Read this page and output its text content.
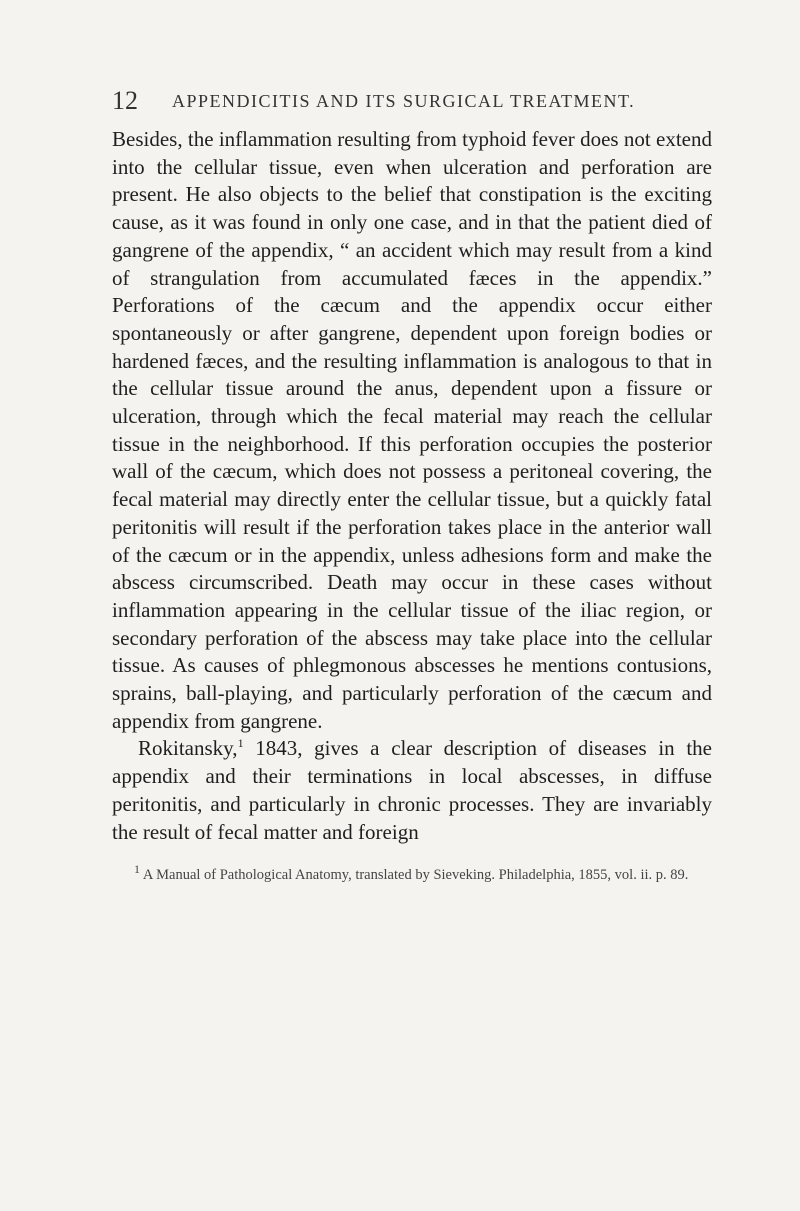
12 APPENDICITIS AND ITS SURGICAL TREATMENT.

Besides, the inflammation resulting from typhoid fever does not extend into the cellular tissue, even when ulceration and perforation are present. He also objects to the belief that constipation is the exciting cause, as it was found in only one case, and in that the patient died of gangrene of the appendix, “ an accident which may result from a kind of strangulation from accumulated fæces in the appendix.” Perforations of the cæcum and the appendix occur either spontaneously or after gangrene, dependent upon foreign bodies or hardened fæces, and the resulting inflammation is analogous to that in the cellular tissue around the anus, dependent upon a fissure or ulceration, through which the fecal material may reach the cellular tissue in the neighborhood. If this perforation occupies the posterior wall of the cæcum, which does not possess a peritoneal covering, the fecal material may directly enter the cellular tissue, but a quickly fatal peritonitis will result if the perforation takes place in the anterior wall of the cæcum or in the appendix, unless adhesions form and make the abscess circumscribed. Death may occur in these cases without inflammation appearing in the cellular tissue of the iliac region, or secondary perforation of the abscess may take place into the cellular tissue. As causes of phlegmonous abscesses he mentions contusions, sprains, ball-playing, and particularly perforation of the cæcum and appendix from gangrene.

Rokitansky,$^1$ 1843, gives a clear description of diseases in the appendix and their terminations in local abscesses, in diffuse peritonitis, and particularly in chronic processes. They are invariably the result of fecal matter and foreign

$^1$ A Manual of Pathological Anatomy, translated by Sieveking. Philadelphia, 1855, vol. ii. p. 89.
